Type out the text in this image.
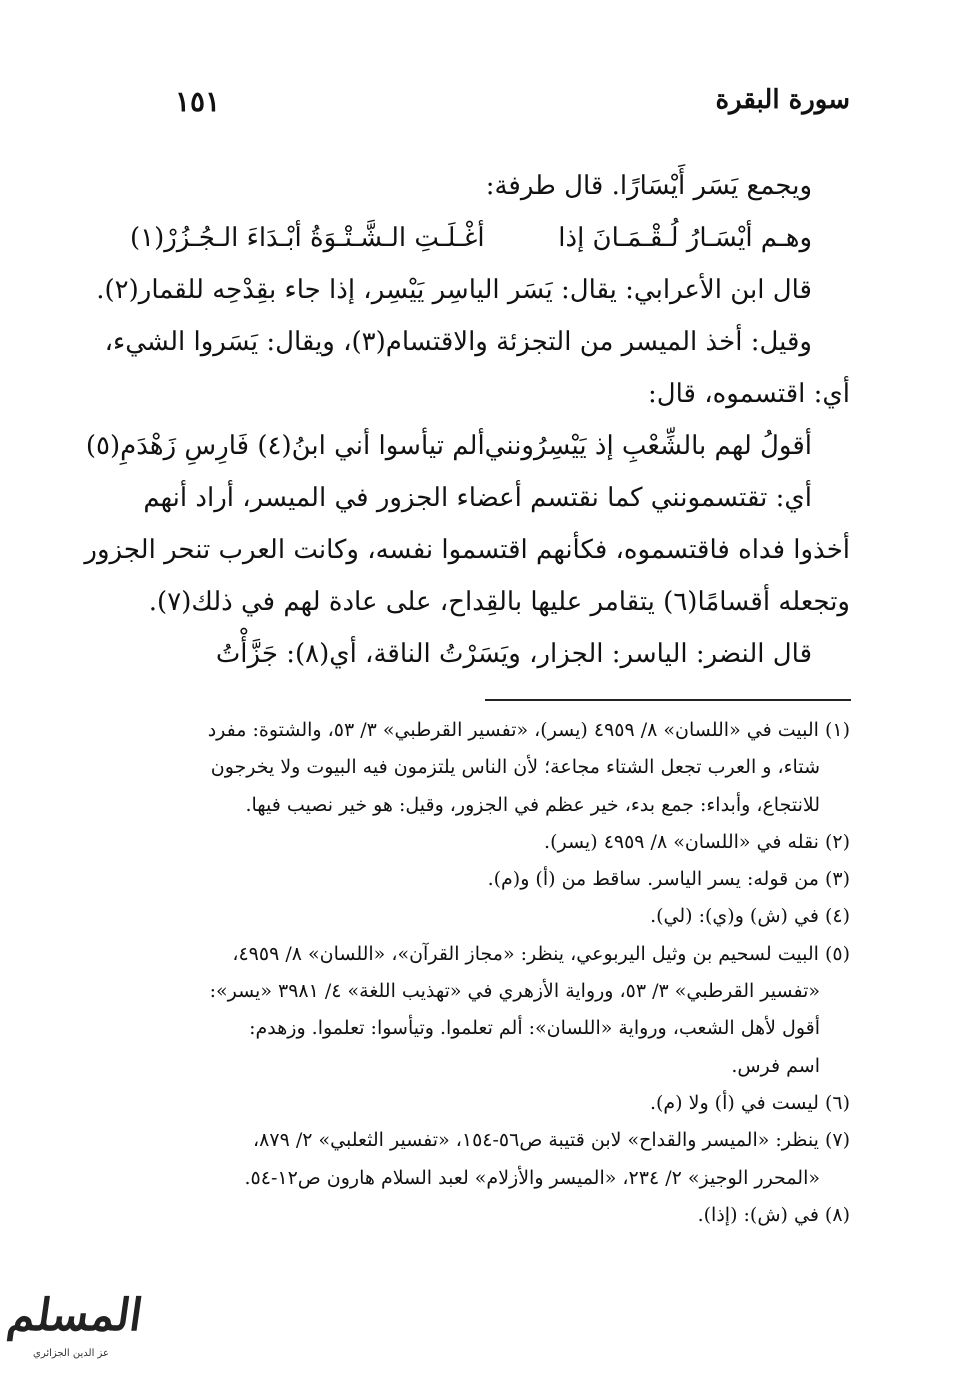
سورة البقرة
١٥١
ويجمع يَسَر أَيْسَارًا. قال طرفة:
وهـم أيْسَـارُ لُـقْـمَـانَ إذا
أغْـلَـتِ الـشَّـتْـوَةُ أبْـدَاءَ الـجُـزُرْ(١)
قال ابن الأعرابي: يقال: يَسَر الياسِر يَيْسِر، إذا جاء بقِدْحِه للقمار(٢).
وقيل: أخذ الميسر من التجزئة والاقتسام(٣)، ويقال: يَسَروا الشيء،
أي: اقتسموه، قال:
أقولُ لهم بالشِّعْبِ إذ يَيْسِرُونني
ألم تيأسوا أني ابنُ(٤) فَارِسِ زَهْدَمِ(٥)
أي: تقتسمونني كما نقتسم أعضاء الجزور في الميسر، أراد أنهم
أخذوا فداه فاقتسموه، فكأنهم اقتسموا نفسه، وكانت العرب تنحر الجزور
وتجعله أقسامًا(٦) يتقامر عليها بالقِداح، على عادة لهم في ذلك(٧).
قال النضر: الياسر: الجزار، ويَسَرْتُ الناقة، أي(٨): جَزَّأْتُ
(١) البيت في «اللسان» ٨/ ٤٩٥٩ (يسر)، «تفسير القرطبي» ٣/ ٥٣، والشتوة: مفرد
شتاء، و العرب تجعل الشتاء مجاعة؛ لأن الناس يلتزمون فيه البيوت ولا يخرجون
للانتجاع، وأبداء: جمع بدء، خير عظم في الجزور، وقيل: هو خير نصيب فيها.
(٢) نقله في «اللسان» ٨/ ٤٩٥٩ (يسر).
(٣) من قوله: يسر الياسر. ساقط من (أ) و(م).
(٤) في (ش) و(ي): (لي).
(٥) البيت لسحيم بن وثيل اليربوعي، ينظر: «مجاز القرآن»، «اللسان» ٨/ ٤٩٥٩،
«تفسير القرطبي» ٣/ ٥٣، ورواية الأزهري في «تهذيب اللغة» ٤/ ٣٩٨١ «يسر»:
أقول لأهل الشعب، ورواية «اللسان»: ألم تعلموا. وتيأسوا: تعلموا. وزهدم:
اسم فرس.
(٦) ليست في (أ) ولا (م).
(٧) ينظر: «الميسر والقداح» لابن قتيبة ص٥٦-١٥٤، «تفسير الثعلبي» ٢/ ٨٧٩،
«المحرر الوجيز» ٢/ ٢٣٤، «الميسر والأزلام» لعبد السلام هارون ص١٢-٥٤.
(٨) في (ش): (إذا).
المسلم
عز الدين الجزائري
